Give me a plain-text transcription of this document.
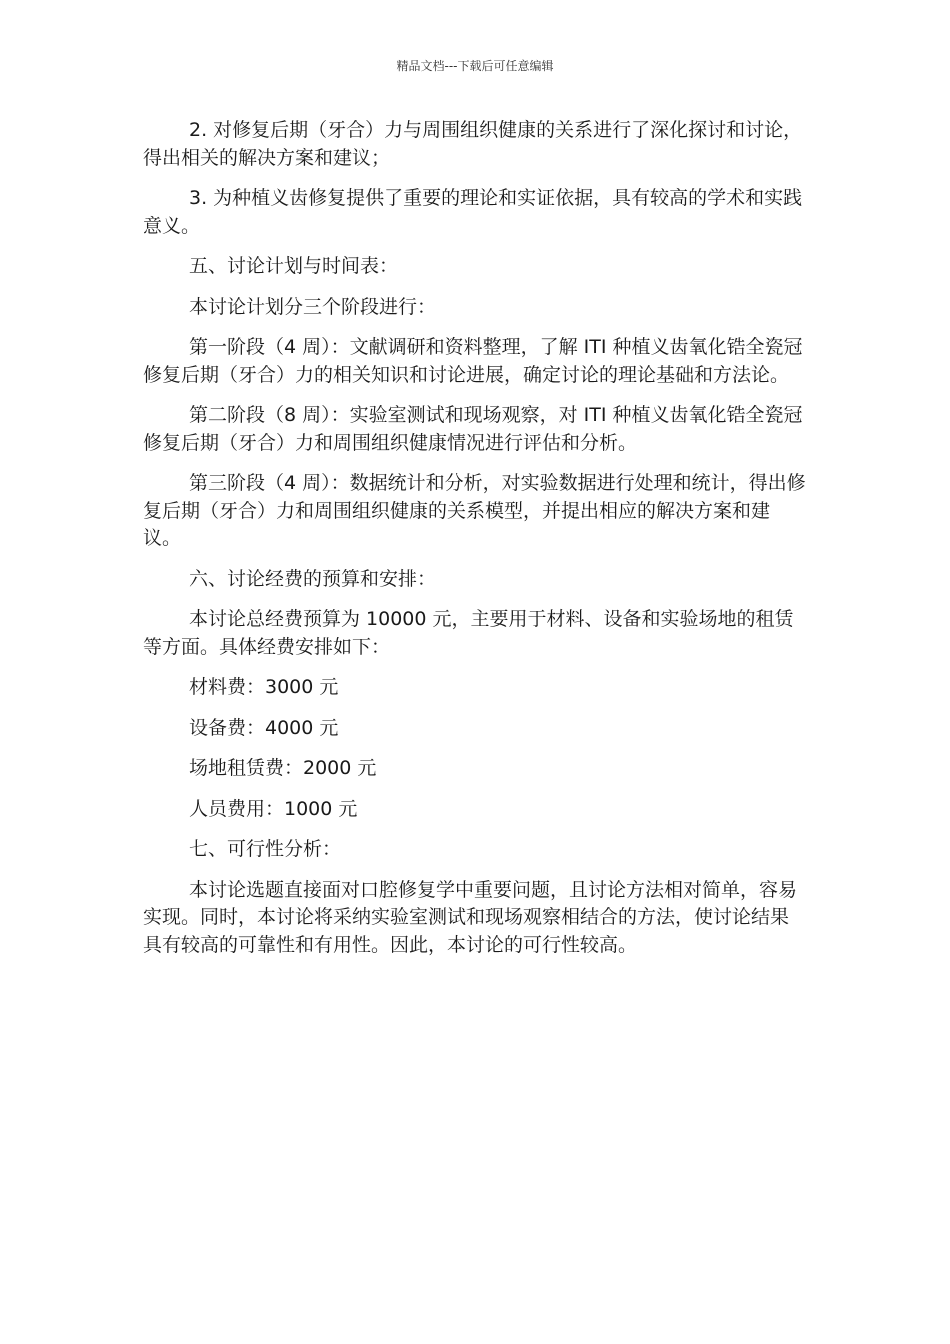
精品文档---下载后可任意编辑

2. 对修复后期（牙合）力与周围组织健康的关系进行了深化探讨和讨论，得出相关的解决方案和建议；

3. 为种植义齿修复提供了重要的理论和实证依据，具有较高的学术和实践意义。

五、讨论计划与时间表：

本讨论计划分三个阶段进行：

第一阶段（4 周）：文献调研和资料整理，了解 ITI 种植义齿氧化锆全瓷冠修复后期（牙合）力的相关知识和讨论进展，确定讨论的理论基础和方法论。

第二阶段（8 周）：实验室测试和现场观察，对 ITI 种植义齿氧化锆全瓷冠修复后期（牙合）力和周围组织健康情况进行评估和分析。

第三阶段（4 周）：数据统计和分析，对实验数据进行处理和统计，得出修复后期（牙合）力和周围组织健康的关系模型，并提出相应的解决方案和建议。

六、讨论经费的预算和安排：

本讨论总经费预算为 10000 元，主要用于材料、设备和实验场地的租赁等方面。具体经费安排如下：

材料费：3000 元

设备费：4000 元

场地租赁费：2000 元

人员费用：1000 元

七、可行性分析：

本讨论选题直接面对口腔修复学中重要问题，且讨论方法相对简单，容易实现。同时，本讨论将采纳实验室测试和现场观察相结合的方法，使讨论结果具有较高的可靠性和有用性。因此，本讨论的可行性较高。
